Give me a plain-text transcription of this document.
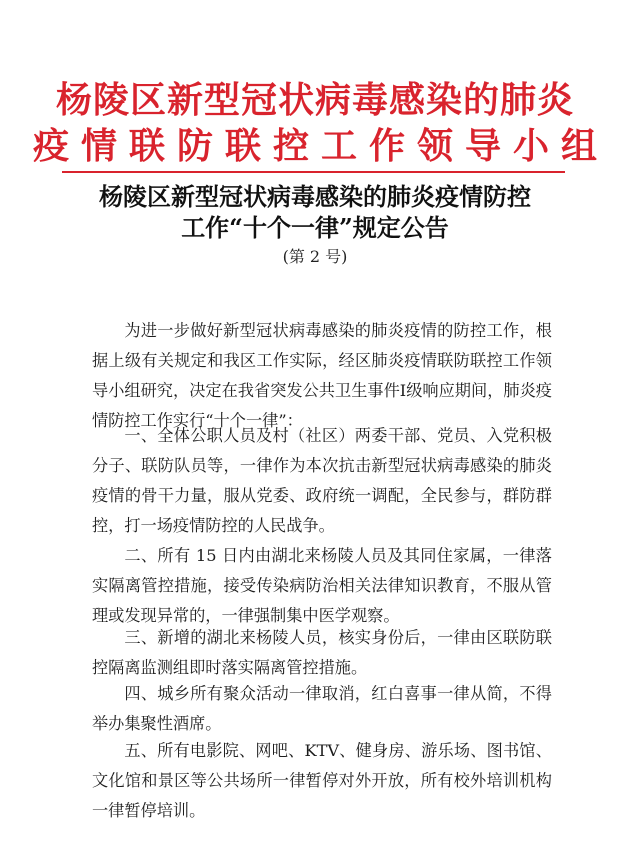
杨陵区新型冠状病毒感染的肺炎
疫情联防联控工作领导小组
杨陵区新型冠状病毒感染的肺炎疫情防控
工作“十个一律”规定公告
(第 2 号)

为进一步做好新型冠状病毒感染的肺炎疫情的防控工作，根据上级有关规定和我区工作实际，经区肺炎疫情联防联控工作领导小组研究，决定在我省突发公共卫生事件Ⅰ级响应期间，肺炎疫情防控工作实行“十个一律”：

一、全体公职人员及村（社区）两委干部、党员、入党积极分子、联防队员等，一律作为本次抗击新型冠状病毒感染的肺炎疫情的骨干力量，服从党委、政府统一调配，全民参与，群防群控，打一场疫情防控的人民战争。

二、所有 15 日内由湖北来杨陵人员及其同住家属，一律落实隔离管控措施，接受传染病防治相关法律知识教育，不服从管理或发现异常的，一律强制集中医学观察。

三、新增的湖北来杨陵人员，核实身份后，一律由区联防联控隔离监测组即时落实隔离管控措施。

四、城乡所有聚众活动一律取消，红白喜事一律从简，不得举办集聚性酒席。

五、所有电影院、网吧、KTV、健身房、游乐场、图书馆、文化馆和景区等公共场所一律暂停对外开放，所有校外培训机构一律暂停培训。
